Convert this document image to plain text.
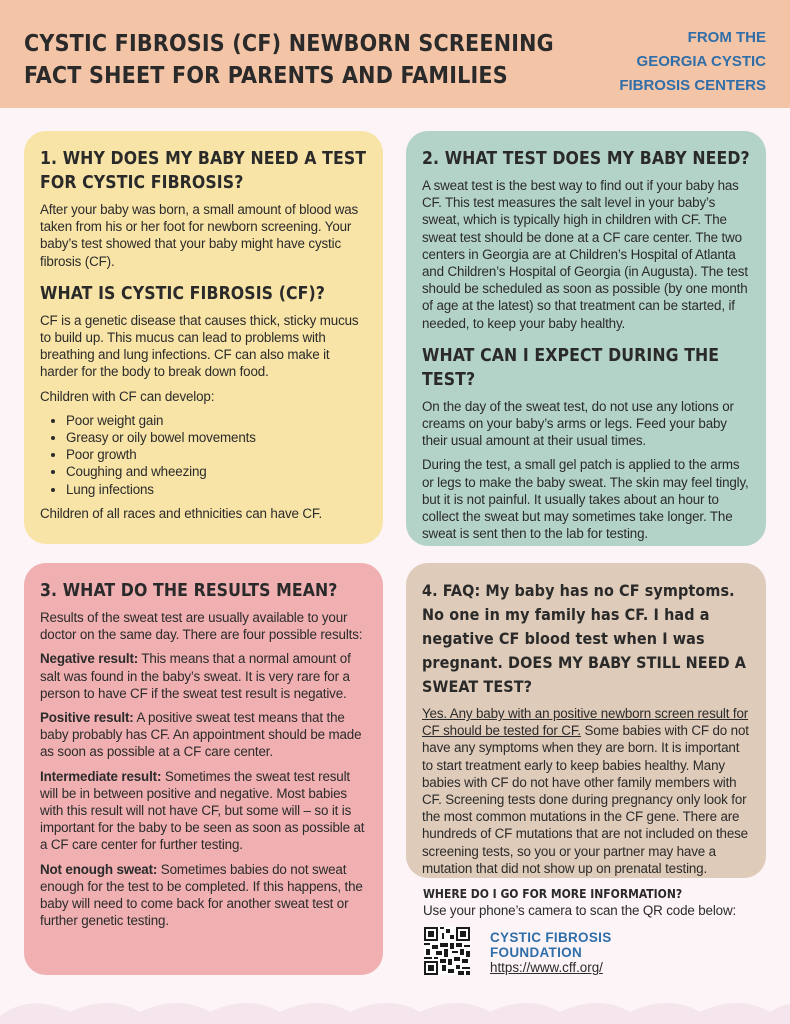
CYSTIC FIBROSIS (CF) NEWBORN SCREENING
FACT SHEET FOR PARENTS AND FAMILIES
FROM THE
GEORGIA CYSTIC
FIBROSIS CENTERS
1. WHY DOES MY BABY NEED A TEST FOR CYSTIC FIBROSIS?

After your baby was born, a small amount of blood was taken from his or her foot for newborn screening. Your baby’s test showed that your baby might have cystic fibrosis (CF).

WHAT IS CYSTIC FIBROSIS (CF)?

CF is a genetic disease that causes thick, sticky mucus to build up. This mucus can lead to problems with breathing and lung infections. CF can also make it harder for the body to break down food.

Children with CF can develop:

• Poor weight gain
• Greasy or oily bowel movements
• Poor growth
• Coughing and wheezing
• Lung infections

Children of all races and ethnicities can have CF.

2. WHAT TEST DOES MY BABY NEED?

A sweat test is the best way to find out if your baby has CF. This test measures the salt level in your baby’s sweat, which is typically high in children with CF. The sweat test should be done at a CF care center. The two centers in Georgia are at Children’s Hospital of Atlanta and Children’s Hospital of Georgia (in Augusta). The test should be scheduled as soon as possible (by one month of age at the latest) so that treatment can be started, if needed, to keep your baby healthy.

WHAT CAN I EXPECT DURING THE TEST?

On the day of the sweat test, do not use any lotions or creams on your baby’s arms or legs. Feed your baby their usual amount at their usual times.

During the test, a small gel patch is applied to the arms or legs to make the baby sweat. The skin may feel tingly, but it is not painful. It usually takes about an hour to collect the sweat but may sometimes take longer. The sweat is sent then to the lab for testing.

3. WHAT DO THE RESULTS MEAN?

Results of the sweat test are usually available to your doctor on the same day. There are four possible results:

Negative result: This means that a normal amount of salt was found in the baby’s sweat. It is very rare for a person to have CF if the sweat test result is negative.

Positive result: A positive sweat test means that the baby probably has CF. An appointment should be made as soon as possible at a CF care center.

Intermediate result: Sometimes the sweat test result will be in between positive and negative. Most babies with this result will not have CF, but some will – so it is important for the baby to be seen as soon as possible at a CF care center for further testing.

Not enough sweat: Sometimes babies do not sweat enough for the test to be completed. If this happens, the baby will need to come back for another sweat test or further genetic testing.

4. FAQ: My baby has no CF symptoms. No one in my family has CF. I had a negative CF blood test when I was pregnant. DOES MY BABY STILL NEED A SWEAT TEST?

Yes. Any baby with an positive newborn screen result for CF should be tested for CF. Some babies with CF do not have any symptoms when they are born. It is important to start treatment early to keep babies healthy. Many babies with CF do not have other family members with CF. Screening tests done during pregnancy only look for the most common mutations in the CF gene. There are hundreds of CF mutations that are not included on these screening tests, so you or your partner may have a mutation that did not show up on prenatal testing.

WHERE DO I GO FOR MORE INFORMATION?
Use your phone’s camera to scan the QR code below:
CYSTIC FIBROSIS
FOUNDATION
https://www.cff.org/
